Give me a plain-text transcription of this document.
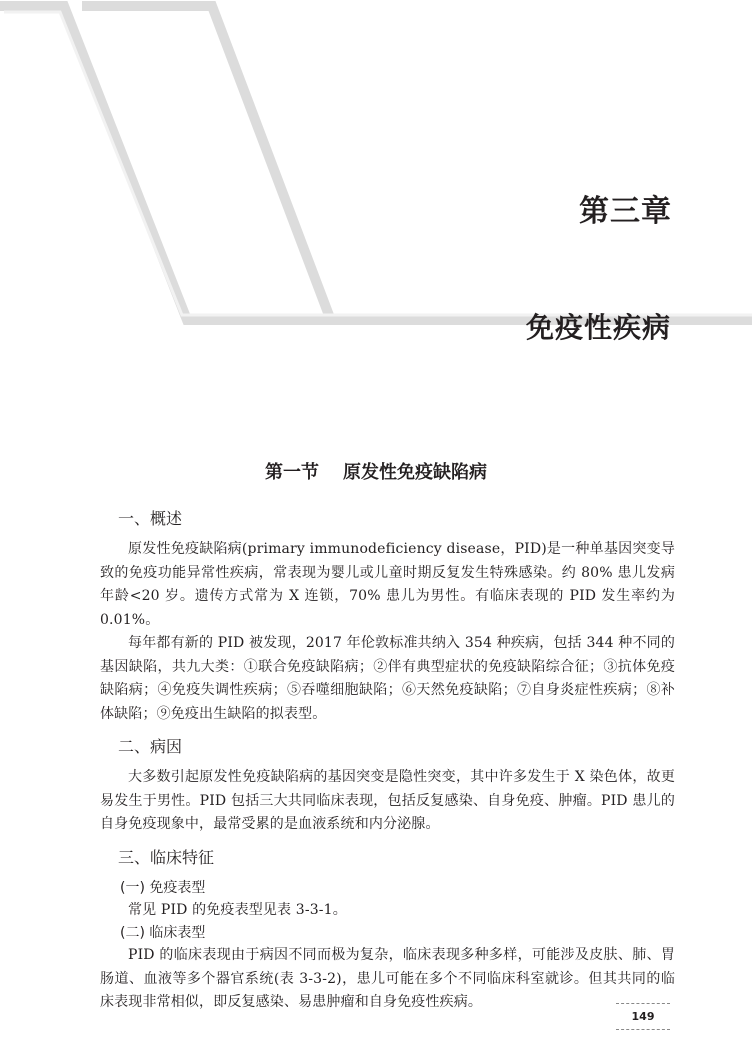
第三章
免疫性疾病
第一节 原发性免疫缺陷病
一、概述

原发性免疫缺陷病(primary immunodeficiency disease，PID)是一种单基因突变导致的免疫功能异常性疾病，常表现为婴儿或儿童时期反复发生特殊感染。约 80% 患儿发病年龄<20 岁。遗传方式常为 X 连锁，70% 患儿为男性。有临床表现的 PID 发生率约为 0.01%。

每年都有新的 PID 被发现，2017 年伦敦标准共纳入 354 种疾病，包括 344 种不同的基因缺陷，共九大类：①联合免疫缺陷病；②伴有典型症状的免疫缺陷综合征；③抗体免疫缺陷病；④免疫失调性疾病；⑤吞噬细胞缺陷；⑥天然免疫缺陷；⑦自身炎症性疾病；⑧补体缺陷；⑨免疫出生缺陷的拟表型。

二、病因

大多数引起原发性免疫缺陷病的基因突变是隐性突变，其中许多发生于 X 染色体，故更易发生于男性。PID 包括三大共同临床表现，包括反复感染、自身免疫、肿瘤。PID 患儿的自身免疫现象中，最常受累的是血液系统和内分泌腺。

三、临床特征
(一) 免疫表型

常见 PID 的免疫表型见表 3-3-1。

(二) 临床表型

PID 的临床表现由于病因不同而极为复杂，临床表现多种多样，可能涉及皮肤、肺、胃肠道、血液等多个器官系统(表 3-3-2)，患儿可能在多个不同临床科室就诊。但其共同的临床表现非常相似，即反复感染、易患肿瘤和自身免疫性疾病。

149
